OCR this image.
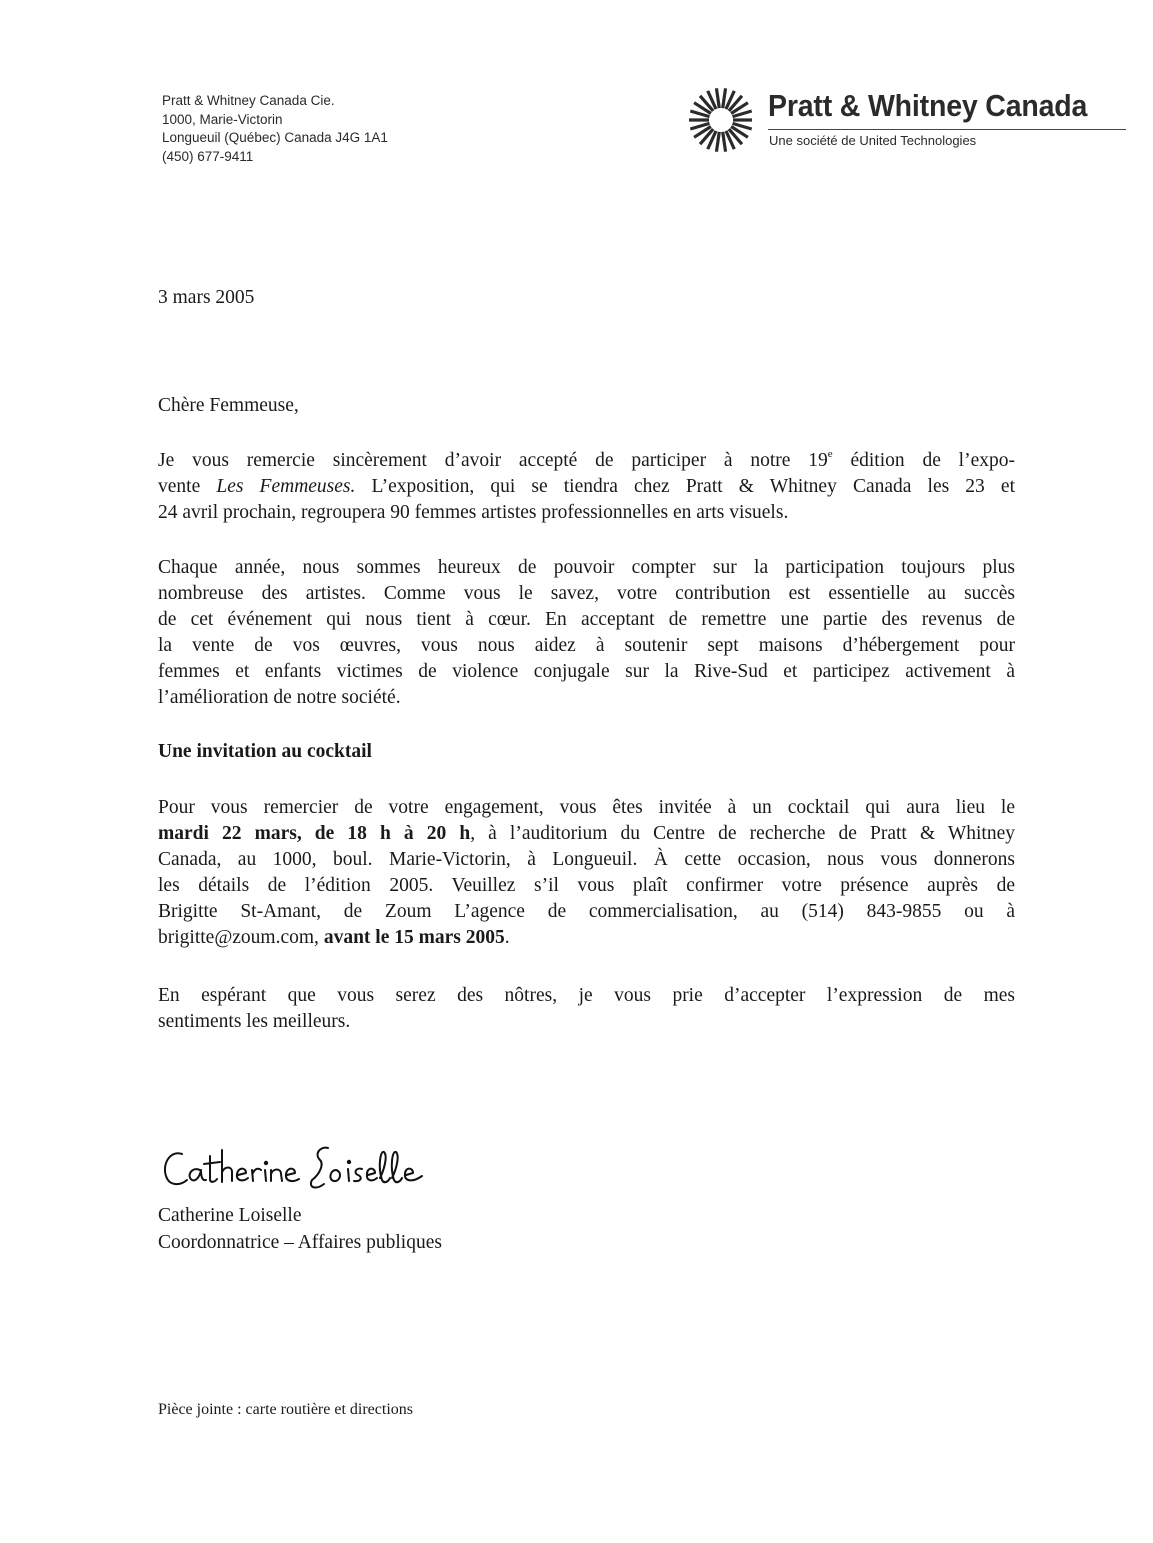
Pratt & Whitney Canada Cie.
1000, Marie-Victorin
Longueuil (Québec) Canada J4G 1A1
(450) 677-9411
Pratt & Whitney Canada
Une société de United Technologies
3 mars 2005
Chère Femmeuse,
Je vous remercie sincèrement d’avoir accepté de participer à notre 19e édition de l’expo-
vente Les Femmeuses. L’exposition, qui se tiendra chez Pratt & Whitney Canada les 23 et
24 avril prochain, regroupera 90 femmes artistes professionnelles en arts visuels.
Chaque année, nous sommes heureux de pouvoir compter sur la participation toujours plus
nombreuse des artistes. Comme vous le savez, votre contribution est essentielle au succès
de cet événement qui nous tient à cœur. En acceptant de remettre une partie des revenus de
la vente de vos œuvres, vous nous aidez à soutenir sept maisons d’hébergement pour
femmes et enfants victimes de violence conjugale sur la Rive-Sud et participez activement à
l’amélioration de notre société.
Une invitation au cocktail
Pour vous remercier de votre engagement, vous êtes invitée à un cocktail qui aura lieu le
mardi 22 mars, de 18 h à 20 h, à l’auditorium du Centre de recherche de Pratt & Whitney
Canada, au 1000, boul. Marie-Victorin, à Longueuil. À cette occasion, nous vous donnerons
les détails de l’édition 2005. Veuillez s’il vous plaît confirmer votre présence auprès de
Brigitte St-Amant, de Zoum L’agence de commercialisation, au (514) 843-9855 ou à
brigitte@zoum.com, avant le 15 mars 2005.
En espérant que vous serez des nôtres, je vous prie d’accepter l’expression de mes
sentiments les meilleurs.
Catherine Loiselle
Coordonnatrice – Affaires publiques
Pièce jointe : carte routière et directions
